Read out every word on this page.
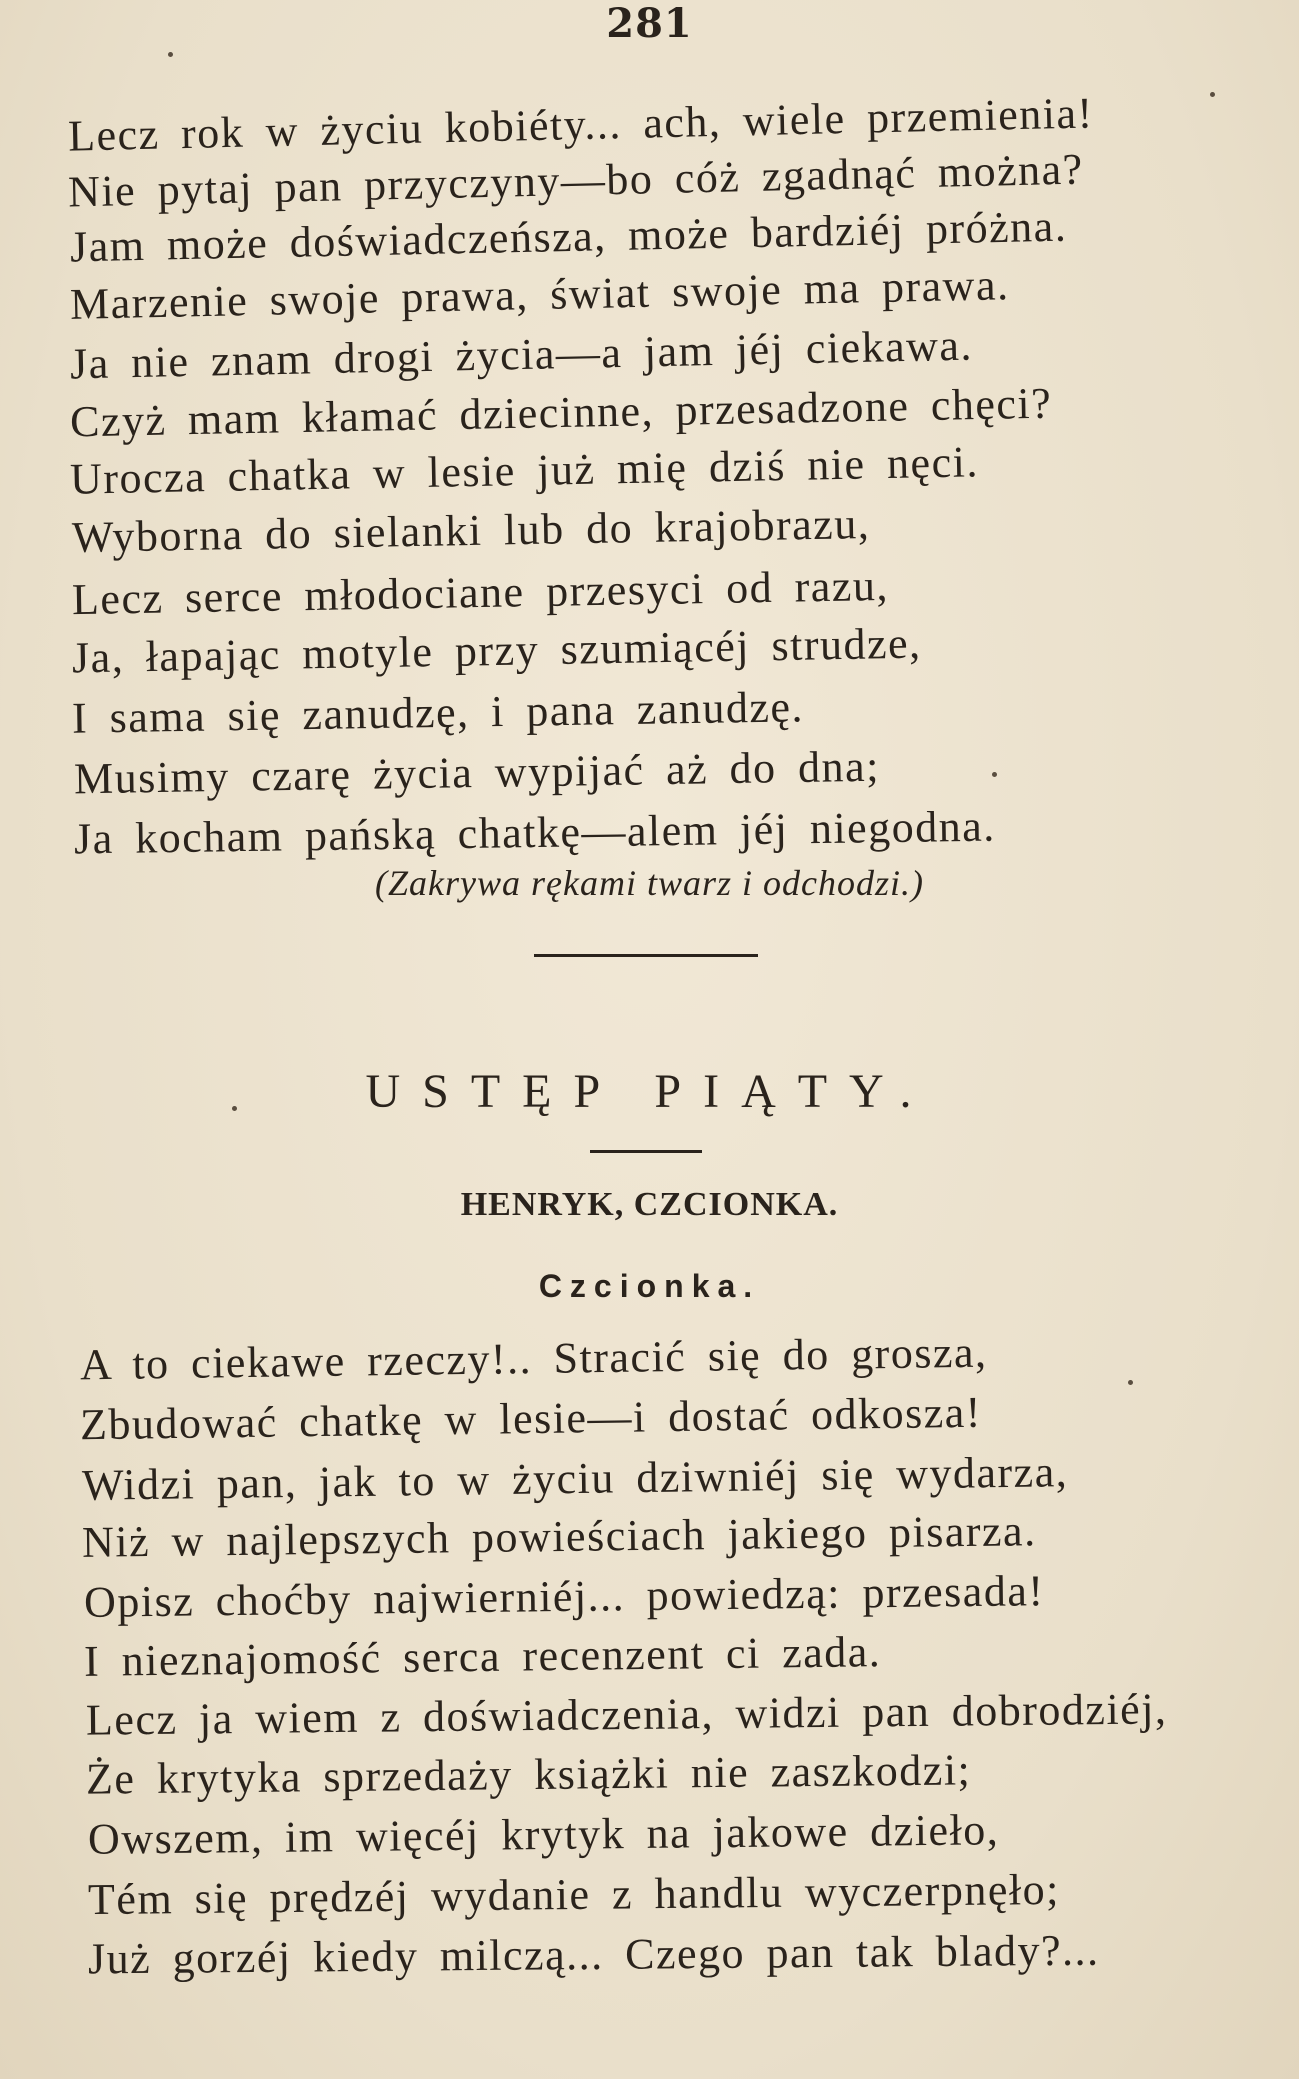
281
Lecz rok w życiu kobiéty... ach, wiele przemienia!
Nie pytaj pan przyczyny—bo cóż zgadnąć można?
Jam może doświadczeńsza, może bardziéj próżna.
Marzenie swoje prawa, świat swoje ma prawa.
Ja nie znam drogi życia—a jam jéj ciekawa.
Czyż mam kłamać dziecinne, przesadzone chęci?
Urocza chatka w lesie już mię dziś nie nęci.
Wyborna do sielanki lub do krajobrazu,
Lecz serce młodociane przesyci od razu,
Ja, łapając motyle przy szumiącéj strudze,
I sama się zanudzę, i pana zanudzę.
Musimy czarę życia wypijać aż do dna;
Ja kocham pańską chatkę—alem jéj niegodna.
(Zakrywa rękami twarz i odchodzi.)
USTĘP PIĄTY.
HENRYK, CZCIONKA.
Czcionka.
A to ciekawe rzeczy!.. Stracić się do grosza,
Zbudować chatkę w lesie—i dostać odkosza!
Widzi pan, jak to w życiu dziwniéj się wydarza,
Niż w najlepszych powieściach jakiego pisarza.
Opisz choćby najwierniéj... powiedzą: przesada!
I nieznajomość serca recenzent ci zada.
Lecz ja wiem z doświadczenia, widzi pan dobrodziéj,
Że krytyka sprzedaży książki nie zaszkodzi;
Owszem, im więcéj krytyk na jakowe dzieło,
Tém się prędzéj wydanie z handlu wyczerpnęło;
Już gorzéj kiedy milczą... Czego pan tak blady?...
